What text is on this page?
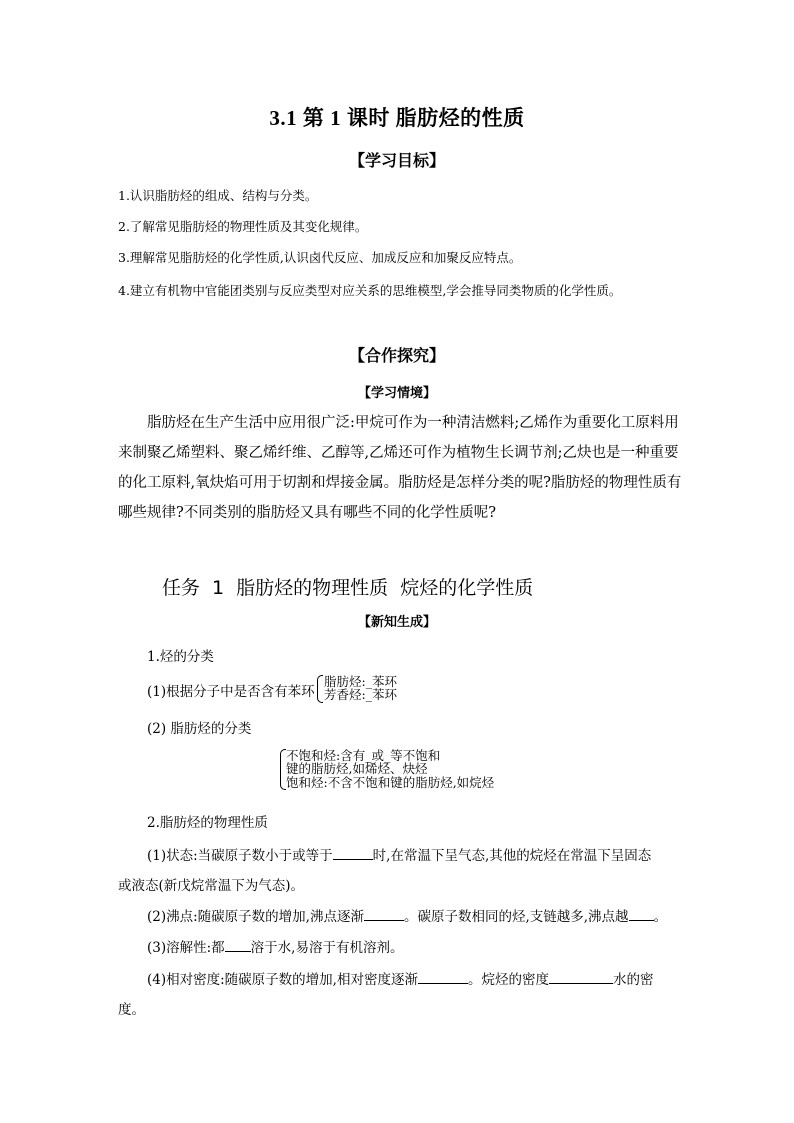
3.1 第 1 课时 脂肪烃的性质
【学习目标】
1.认识脂肪烃的组成、结构与分类。
2.了解常见脂肪烃的物理性质及其变化规律。
3.理解常见脂肪烃的化学性质,认识卤代反应、加成反应和加聚反应特点。
4.建立有机物中官能团类别与反应类型对应关系的思维模型,学会推导同类物质的化学性质。
【合作探究】
【学习情境】
脂肪烃在生产生活中应用很广泛:甲烷可作为一种清洁燃料;乙烯作为重要化工原料用来制聚乙烯塑料、聚乙烯纤维、乙醇等,乙烯还可作为植物生长调节剂;乙炔也是一种重要的化工原料,氧炔焰可用于切割和焊接金属。脂肪烃是怎样分类的呢?脂肪烃的物理性质有哪些规律?不同类别的脂肪烃又具有哪些不同的化学性质呢?
任务 1 脂肪烃的物理性质 烷烃的化学性质
【新知生成】
1.烃的分类
(1)根据分子中是否含有苯环
脂肪烃:_苯环
芳香烃:_苯环
(2) 脂肪烃的分类
不饱和烃:含有_或_等不饱和
键的脂肪烃,如烯烃、炔烃
饱和烃:不含不饱和键的脂肪烃,如烷烃
2.脂肪烃的物理性质
(1)状态:当碳原子数小于或等于	时,在常温下呈气态,其他的烷烃在常温下呈固态
或液态(新戊烷常温下为气态)。
(2)沸点:随碳原子数的增加,沸点逐渐	。碳原子数相同的烃,支链越多,沸点越 。
(3)溶解性:都 溶于水,易溶于有机溶剂。
(4)相对密度:随碳原子数的增加,相对密度逐渐	。烷烃的密度	水的密
度。
